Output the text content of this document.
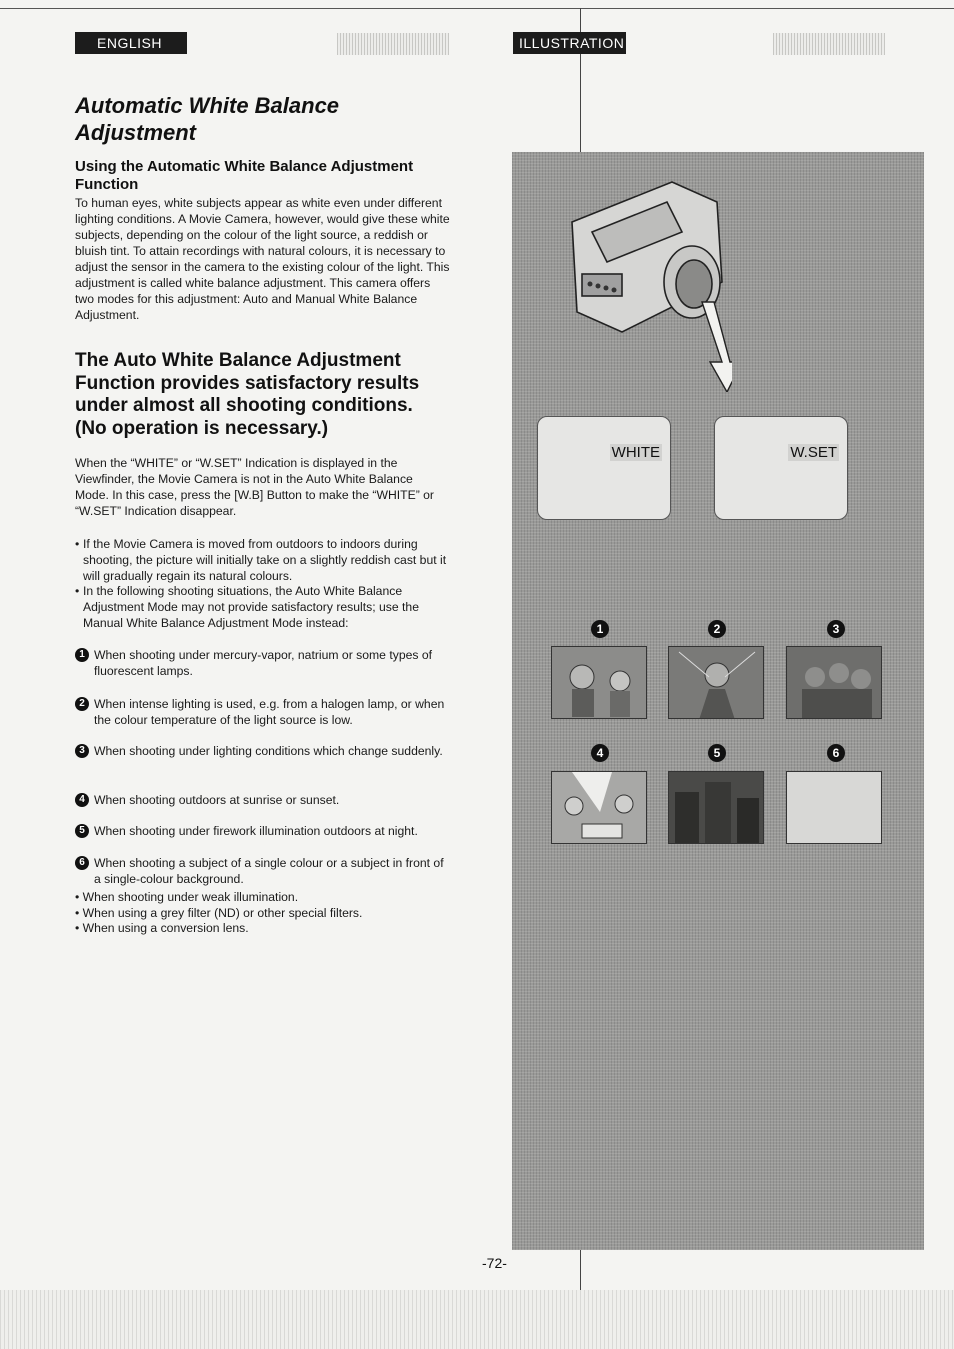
ENGLISH	ILLUSTRATION
Automatic White Balance
Adjustment
Using the Automatic White Balance Adjustment
Function
To human eyes, white subjects appear as white even under different lighting conditions. A Movie Camera, however, would give these white subjects, depending on the colour of the light source, a reddish or bluish tint. To attain recordings with natural colours, it is necessary to adjust the sensor in the camera to the existing colour of the light. This adjustment is called white balance adjustment. This camera offers two modes for this adjustment: Auto and Manual White Balance Adjustment.
The Auto White Balance Adjustment
Function provides satisfactory results
under almost all shooting conditions.
(No operation is necessary.)
When the “WHITE” or “W.SET” Indication is displayed in the Viewfinder, the Movie Camera is not in the Auto White Balance Mode. In this case, press the [W.B] Button to make the “WHITE” or “W.SET” Indication disappear.
• If the Movie Camera is moved from outdoors to indoors during shooting, the picture will initially take on a slightly reddish cast but it will gradually regain its natural colours.
• In the following shooting situations, the Auto White Balance Adjustment Mode may not provide satisfactory results; use the Manual White Balance Adjustment Mode instead:
1 When shooting under mercury-vapor, natrium or some types of fluorescent lamps.
2 When intense lighting is used, e.g. from a halogen lamp, or when the colour temperature of the light source is low.
3 When shooting under lighting conditions which change suddenly.
4 When shooting outdoors at sunrise or sunset.
5 When shooting under firework illumination outdoors at night.
6 When shooting a subject of a single colour or a subject in front of a single-colour background.
• When shooting under weak illumination.
• When using a grey filter (ND) or other special filters.
• When using a conversion lens.
-72-
WHITE	W.SET
1	2	3
4	5	6
